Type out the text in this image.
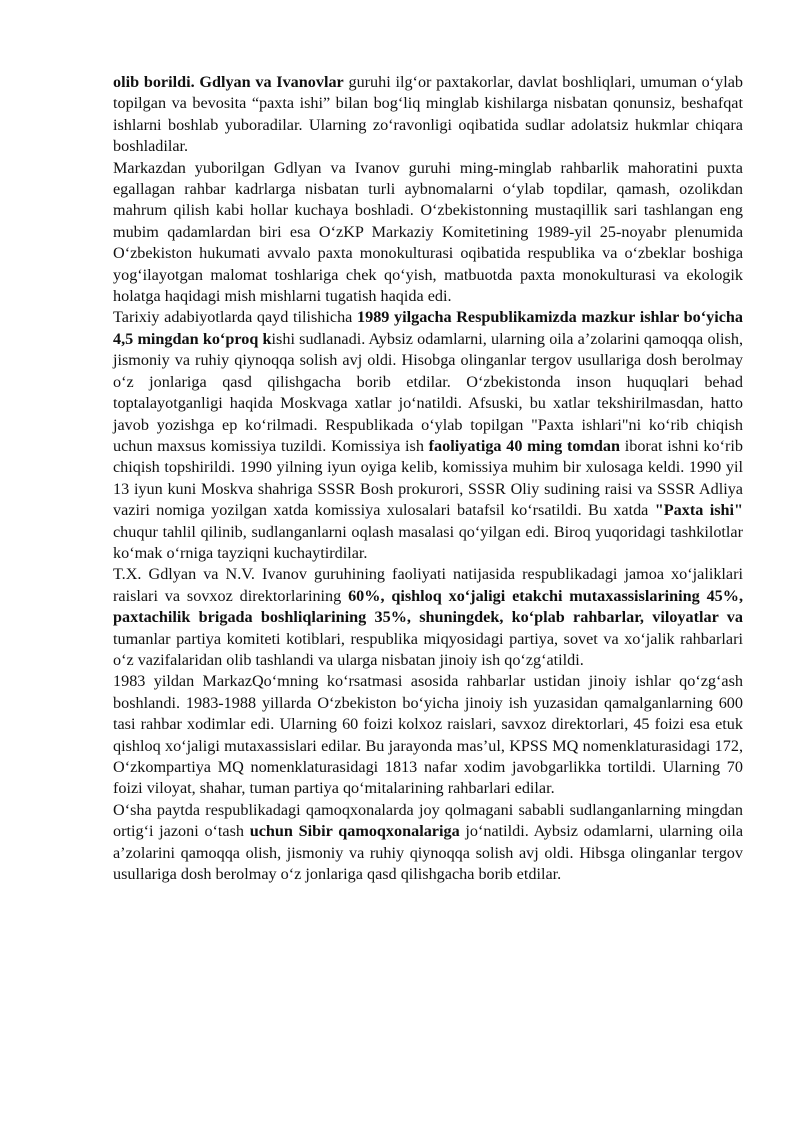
olib borildi. Gdlyan va Ivanovlar guruhi ilg‘or paxtakorlar, davlat boshliqlari, umuman o‘ylab topilgan va bevosita “paxta ishi” bilan bog‘liq minglab kishilarga nisbatan qonunsiz, beshafqat ishlarni boshlab yuboradilar. Ularning zo‘ravonligi oqibatida sudlar adolatsiz hukmlar chiqara boshladilar.

Markazdan yuborilgan Gdlyan va Ivanov guruhi ming-minglab rahbarlik mahoratini puxta egallagan rahbar kadrlarga nisbatan turli aybnomalarni o‘ylab topdilar, qamash, ozolikdan mahrum qilish kabi hollar kuchaya boshladi. O‘zbekistonning mustaqillik sari tashlangan eng mubim qadamlardan biri esa O‘zKP Markaziy Komitetining 1989-yil 25-noyabr plenumida O‘zbekiston hukumati avvalo paxta monokulturasi oqibatida respublika va o‘zbeklar boshiga yog‘ilayotgan malomat toshlariga chek qo‘yish, matbuotda paxta monokulturasi va ekologik holatga haqidagi mish mishlarni tugatish haqida edi.

Tarixiy adabiyotlarda qayd tilishicha 1989 yilgacha Respublikamizda mazkur ishlar bo‘yicha 4,5 mingdan ko‘proq kishi sudlanadi. Aybsiz odamlarni, ularning oila a’zolarini qamoqqa olish, jismoniy va ruhiy qiynoqqa solish avj oldi. Hisobga olinganlar tergov usullariga dosh berolmay o‘z jonlariga qasd qilishgacha borib etdilar. O‘zbekistonda inson huquqlari behad toptalayotganligi haqida Moskvaga xatlar jo‘natildi. Afsuski, bu xatlar tekshirilmasdan, hatto javob yozishga ep ko‘rilmadi. Respublikada o‘ylab topilgan "Paxta ishlari"ni ko‘rib chiqish uchun maxsus komissiya tuzildi. Komissiya ish faoliyatiga 40 ming tomdan iborat ishni ko‘rib chiqish topshirildi. 1990 yilning iyun oyiga kelib, komissiya muhim bir xulosaga keldi. 1990 yil 13 iyun kuni Moskva shahriga SSSR Bosh prokurori, SSSR Oliy sudining raisi va SSSR Adliya vaziri nomiga yozilgan xatda komissiya xulosalari batafsil ko‘rsatildi. Bu xatda "Paxta ishi" chuqur tahlil qilinib, sudlanganlarni oqlash masalasi qo‘yilgan edi. Biroq yuqoridagi tashkilotlar ko‘mak o‘rniga tayziqni kuchaytirdilar.

T.X. Gdlyan va N.V. Ivanov guruhining faoliyati natijasida respublikadagi jamoa xo‘jaliklari raislari va sovxoz direktorlarining 60%, qishloq xo‘jaligi etakchi mutaxassislarining 45%, paxtachilik brigada boshliqlarining 35%, shuningdek, ko‘plab rahbarlar, viloyatlar va tumanlar partiya komiteti kotiblari, respublika miqyosidagi partiya, sovet va xo‘jalik rahbarlari o‘z vazifalaridan olib tashlandi va ularga nisbatan jinoiy ish qo‘zg‘atildi.

1983 yildan MarkazQo‘mning ko‘rsatmasi asosida rahbarlar ustidan jinoiy ishlar qo‘zg‘ash boshlandi. 1983-1988 yillarda O‘zbekiston bo‘yicha jinoiy ish yuzasidan qamalganlarning 600 tasi rahbar xodimlar edi. Ularning 60 foizi kolxoz raislari, savxoz direktorlari, 45 foizi esa etuk qishloq xo‘jaligi mutaxassislari edilar. Bu jarayonda mas’ul, KPSS MQ nomenklaturasidagi 172, O‘zkompartiya MQ nomenklaturasidagi 1813 nafar xodim javobgarlikka tortildi. Ularning 70 foizi viloyat, shahar, tuman partiya qo‘mitalarining rahbarlari edilar.

O‘sha paytda respublikadagi qamoqxonalarda joy qolmagani sababli sudlanganlarning mingdan ortig‘i jazoni o‘tash uchun Sibir qamoqxonalariga jo‘natildi. Aybsiz odamlarni, ularning oila a’zolarini qamoqqa olish, jismoniy va ruhiy qiynoqqa solish avj oldi. Hibsga olinganlar tergov usullariga dosh berolmay o‘z jonlariga qasd qilishgacha borib etdilar.
